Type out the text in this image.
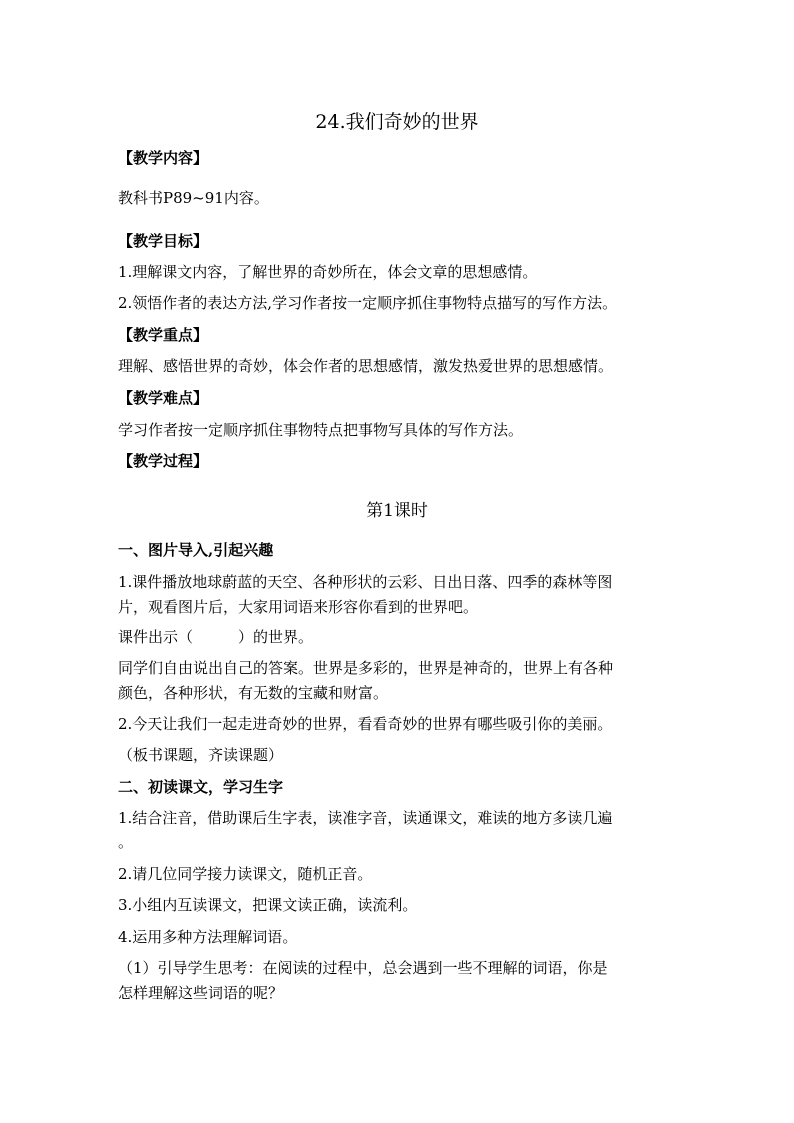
24.我们奇妙的世界
【教学内容】
教科书P89~91内容。
【教学目标】
1.理解课文内容，了解世界的奇妙所在，体会文章的思想感情。
2.领悟作者的表达方法,学习作者按一定顺序抓住事物特点描写的写作方法。
【教学重点】
理解、感悟世界的奇妙，体会作者的思想感情，激发热爱世界的思想感情。
【教学难点】
学习作者按一定顺序抓住事物特点把事物写具体的写作方法。
【教学过程】
第1课时
一、图片导入,引起兴趣
1.课件播放地球蔚蓝的天空、各种形状的云彩、日出日落、四季的森林等图
片，观看图片后，大家用词语来形容你看到的世界吧。
课件出示（　　　）的世界。
同学们自由说出自己的答案。世界是多彩的，世界是神奇的，世界上有各种
颜色，各种形状，有无数的宝藏和财富。
2.今天让我们一起走进奇妙的世界，看看奇妙的世界有哪些吸引你的美丽。
（板书课题，齐读课题）
二、初读课文，学习生字
1.结合注音，借助课后生字表，读准字音，读通课文，难读的地方多读几遍
。
2.请几位同学接力读课文，随机正音。
3.小组内互读课文，把课文读正确，读流利。
4.运用多种方法理解词语。
（1）引导学生思考：在阅读的过程中，总会遇到一些不理解的词语，你是
怎样理解这些词语的呢？
